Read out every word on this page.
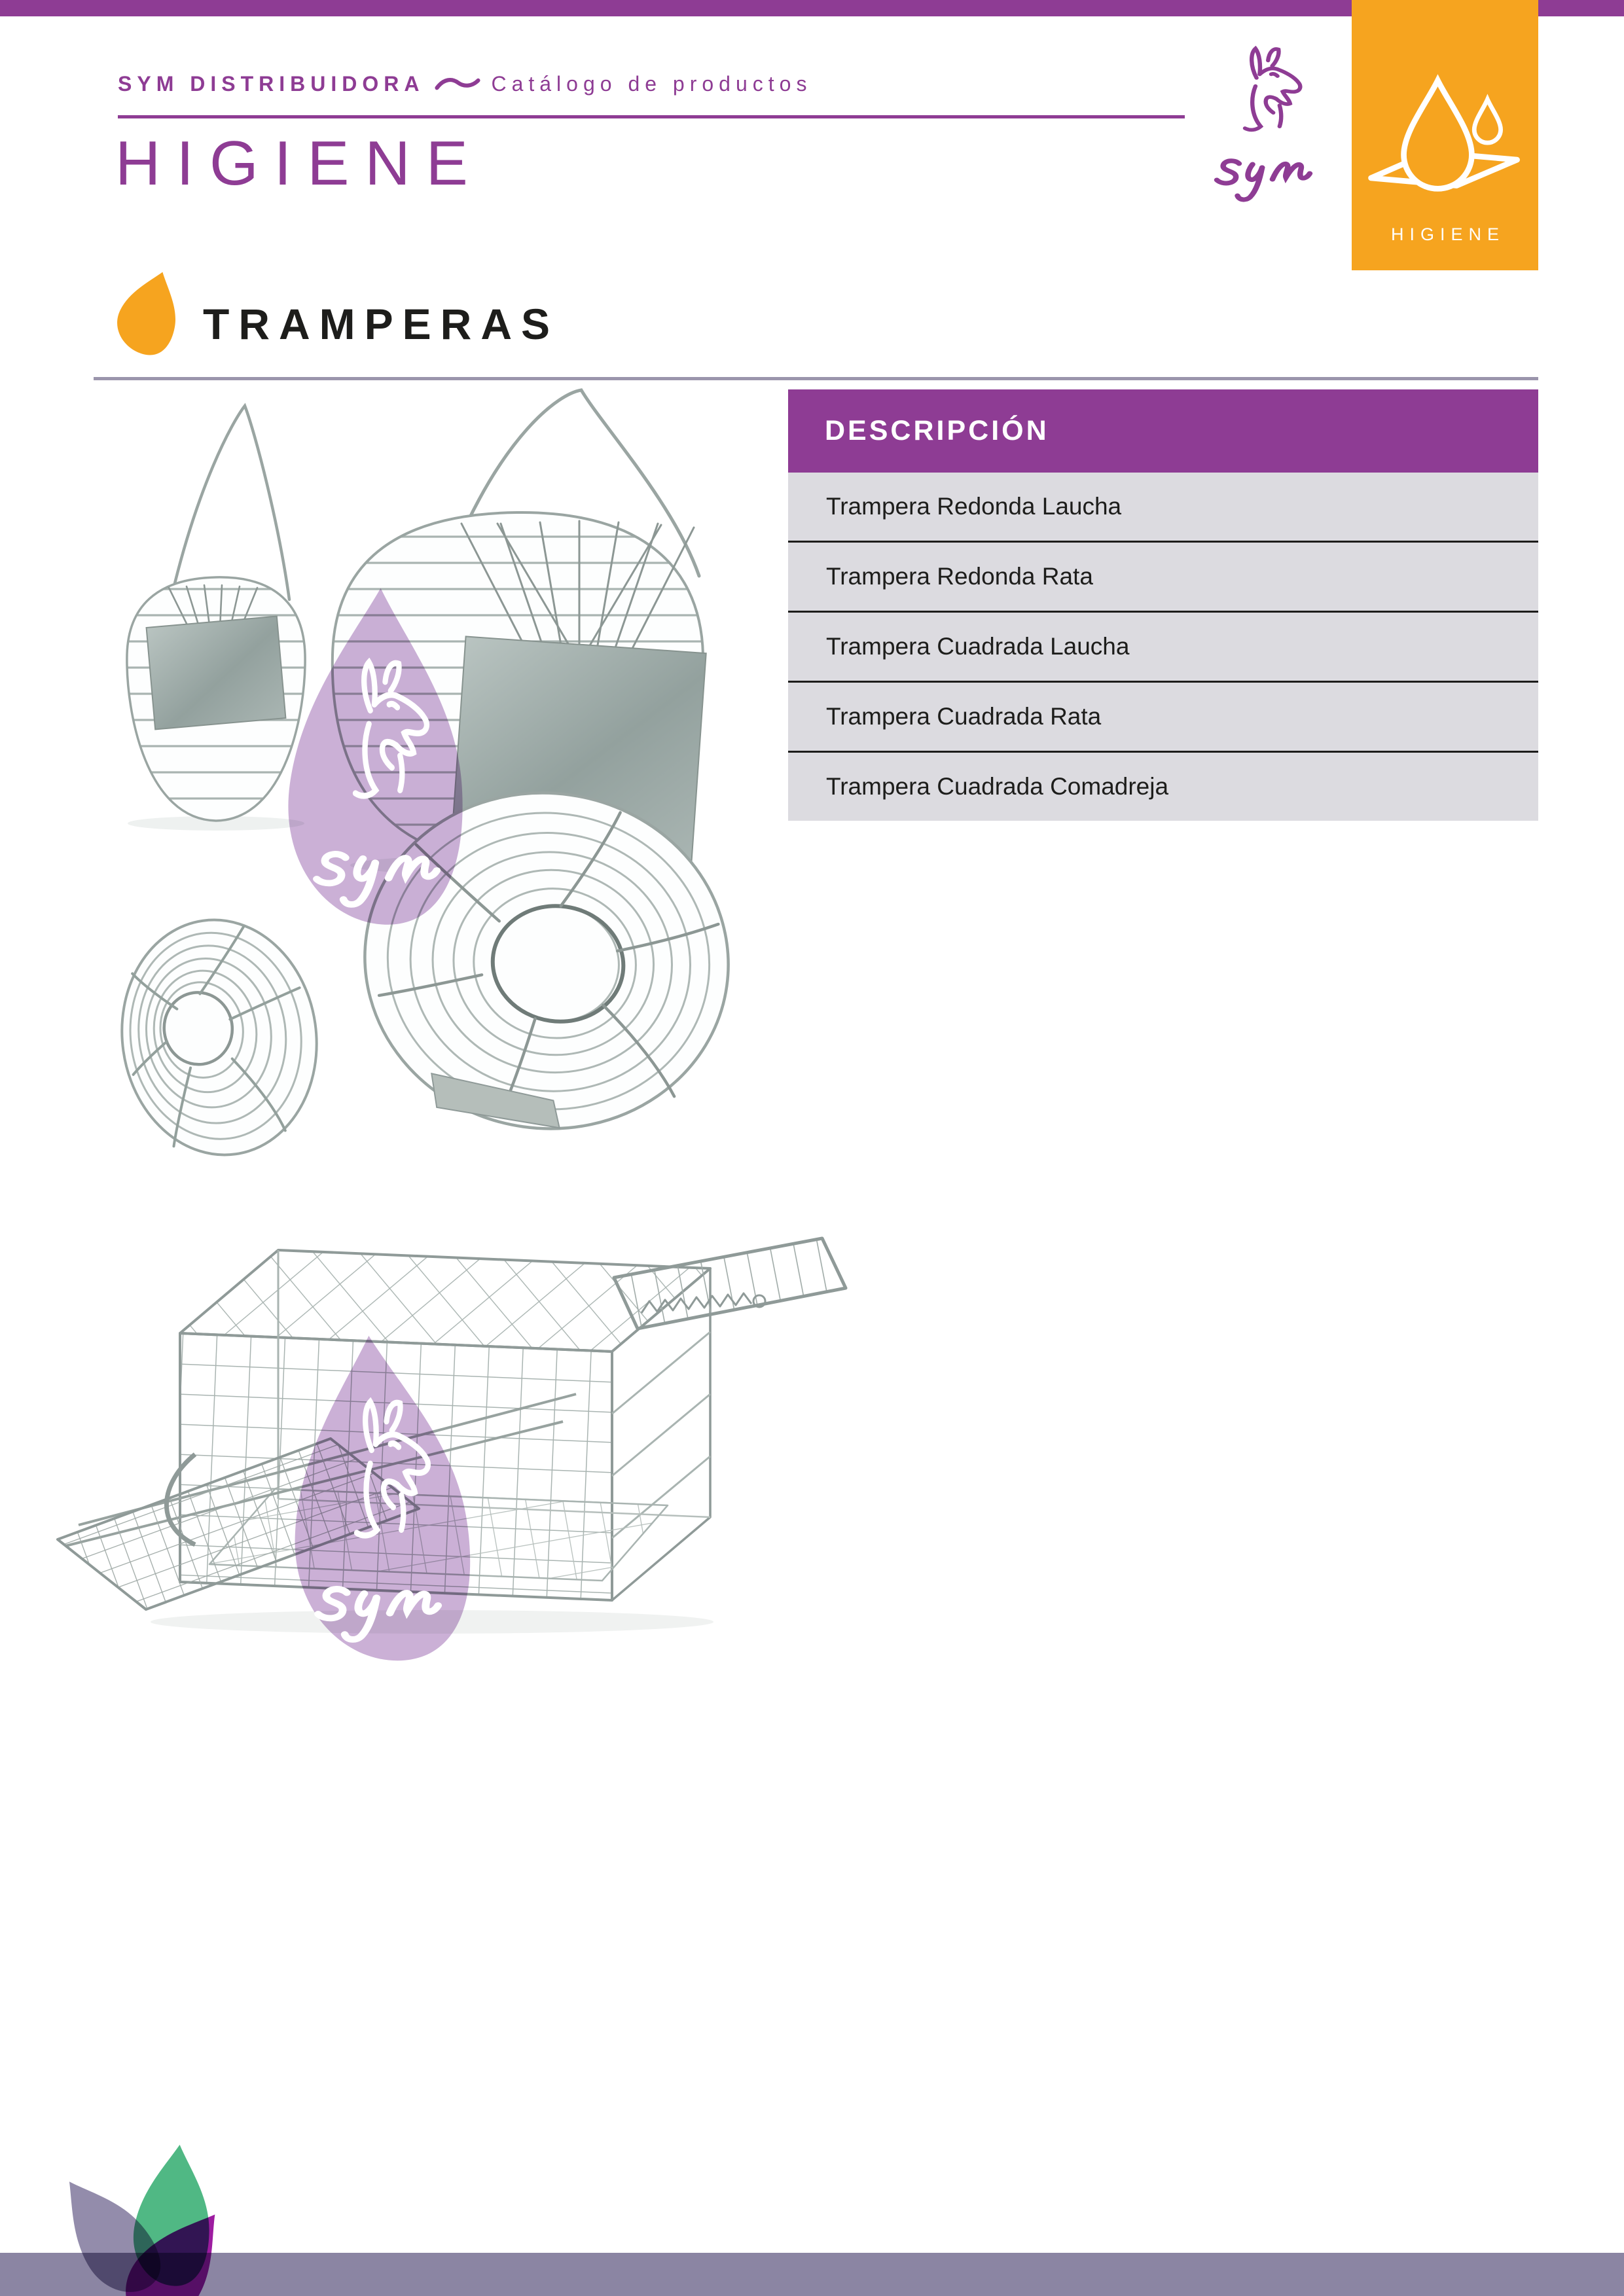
SYM DISTRIBUIDORA	Catálogo de productos
HIGIENE
HIGIENE
TRAMPERAS
DESCRIPCIÓN
Trampera Redonda Laucha
Trampera Redonda Rata
Trampera Cuadrada Laucha
Trampera Cuadrada Rata
Trampera Cuadrada Comadreja
